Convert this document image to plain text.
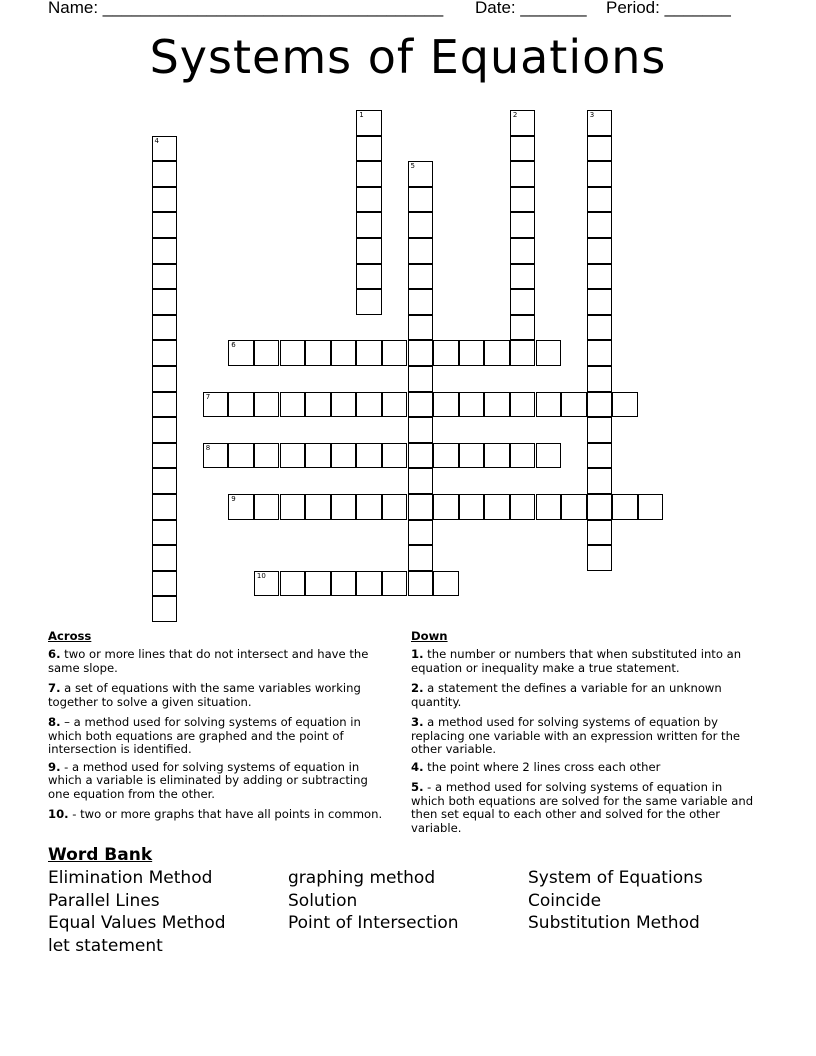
Name: ____________________________________

Date: _______

Period: _______

Systems of Equations
1	2	3
4
5
6
7
8
9
10
Across
6. two or more lines that do not intersect and have the same slope.
7. a set of equations with the same variables working together to solve a given situation.
8. – a method used for solving systems of equation in which both equations are graphed and the point of intersection is identified.
9. - a method used for solving systems of equation in which a variable is eliminated by adding or subtracting one equation from the other.
10. - two or more graphs that have all points in common.
Down
1. the number or numbers that when substituted into an equation or inequality make a true statement.
2. a statement the defines a variable for an unknown quantity.
3. a method used for solving systems of equation by replacing one variable with an expression written for the other variable.
4. the point where 2 lines cross each other
5. - a method used for solving systems of equation in which both equations are solved for the same variable and then set equal to each other and solved for the other variable.
Word Bank
Elimination Method
Parallel Lines
Equal Values Method
let statement
graphing method
Solution
Point of Intersection
System of Equations
Coincide
Substitution Method
